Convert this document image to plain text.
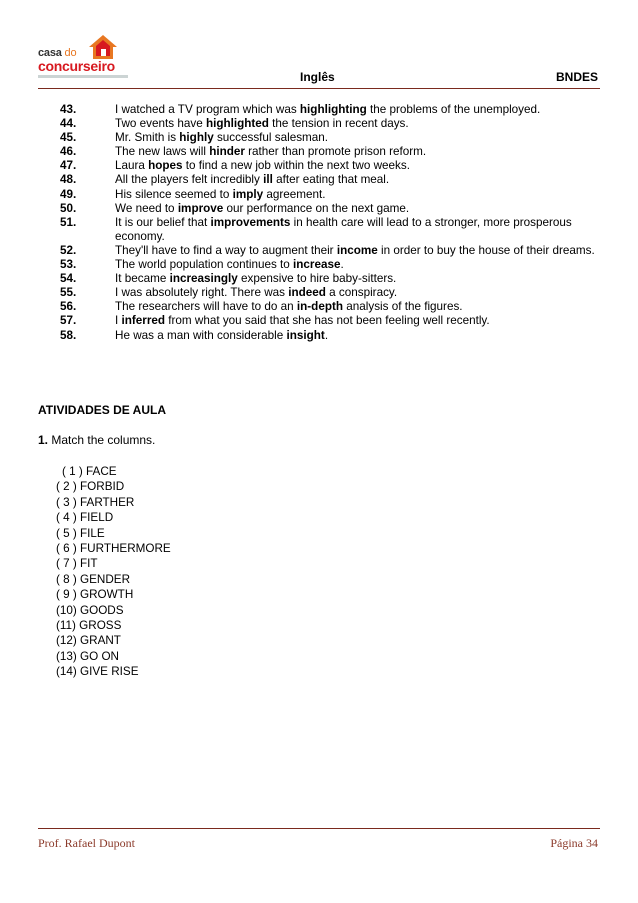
casa do
concurseiro
Inglês	BNDES
43.	I watched a TV program which was highlighting the problems of the unemployed.
44.	Two events have highlighted the tension in recent days.
45.	Mr. Smith is highly successful salesman.
46.	The new laws will hinder rather than promote prison reform.
47.	Laura hopes to find a new job within the next two weeks.
48.	All the players felt incredibly ill after eating that meal.
49.	His silence seemed to imply agreement.
50.	We need to improve our performance on the next game.
51.	It is our belief that improvements in health care will lead to a stronger, more prosperous economy.
52.	They'll have to find a way to augment their income in order to buy the house of their dreams.
53.	The world population continues to increase.
54.	It became increasingly expensive to hire baby-sitters.
55.	I was absolutely right. There was indeed a conspiracy.
56.	The researchers will have to do an in-depth analysis of the figures.
57.	I inferred from what you said that she has not been feeling well recently.
58.	He was a man with considerable insight.
ATIVIDADES DE AULA
1. Match the columns.
( 1 ) FACE
( 2 ) FORBID
( 3 ) FARTHER
( 4 ) FIELD
( 5 ) FILE
( 6 ) FURTHERMORE
( 7 ) FIT
( 8 ) GENDER
( 9 ) GROWTH
(10) GOODS
(11) GROSS
(12) GRANT
(13) GO ON
(14) GIVE RISE
Prof. Rafael Dupont	Página 34
